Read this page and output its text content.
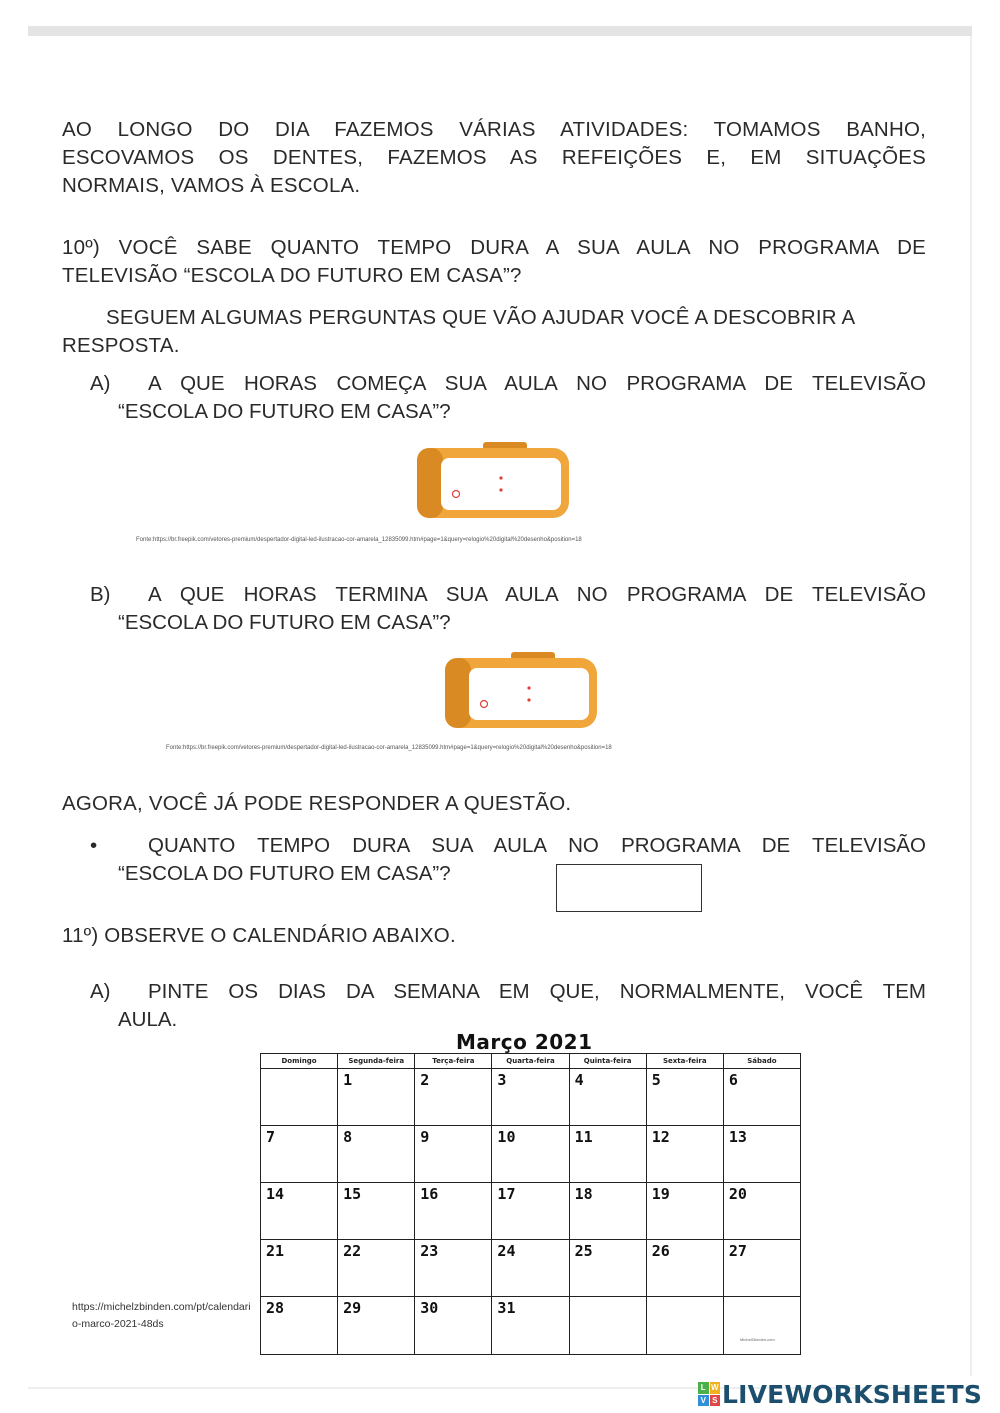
AO LONGO DO DIA FAZEMOS VÁRIAS ATIVIDADES: TOMAMOS BANHO,
ESCOVAMOS OS DENTES, FAZEMOS AS REFEIÇÕES E, EM SITUAÇÕES
NORMAIS, VAMOS À ESCOLA.
10º) VOCÊ SABE QUANTO TEMPO DURA A SUA AULA NO PROGRAMA DE
TELEVISÃO “ESCOLA DO FUTURO EM CASA”?
SEGUEM ALGUMAS PERGUNTAS QUE VÃO AJUDAR VOCÊ A DESCOBRIR A RESPOSTA.
A)	A QUE HORAS COMEÇA SUA AULA NO PROGRAMA DE TELEVISÃO
“ESCOLA DO FUTURO EM CASA”?
Fonte:https://br.freepik.com/vetores-premium/despertador-digital-led-ilustracao-cor-amarela_12835099.htm#page=1&query=relogio%20digital%20desenho&position=18
B)	A QUE HORAS TERMINA SUA AULA NO PROGRAMA DE TELEVISÃO
“ESCOLA DO FUTURO EM CASA”?
Fonte:https://br.freepik.com/vetores-premium/despertador-digital-led-ilustracao-cor-amarela_12835099.htm#page=1&query=relogio%20digital%20desenho&position=18
AGORA, VOCÊ JÁ PODE RESPONDER A QUESTÃO.
•	QUANTO TEMPO DURA SUA AULA NO PROGRAMA DE TELEVISÃO
“ESCOLA DO FUTURO EM CASA”?
11º) OBSERVE O CALENDÁRIO ABAIXO.
A)	PINTE OS DIAS DA SEMANA EM QUE, NORMALMENTE, VOCÊ TEM
AULA.
Março 2021
Domingo	Segunda-feira	Terça-feira	Quarta-feira	Quinta-feira	Sexta-feira	Sábado
	1	2	3	4	5	6
7	8	9	10	11	12	13
14	15	16	17	18	19	20
21	22	23	24	25	26	27
28	29	30	31			
MichelZbinden.com
https://michelzbinden.com/pt/calendario-marco-2021-48ds
L W
V S LIVEWORKSHEETS
